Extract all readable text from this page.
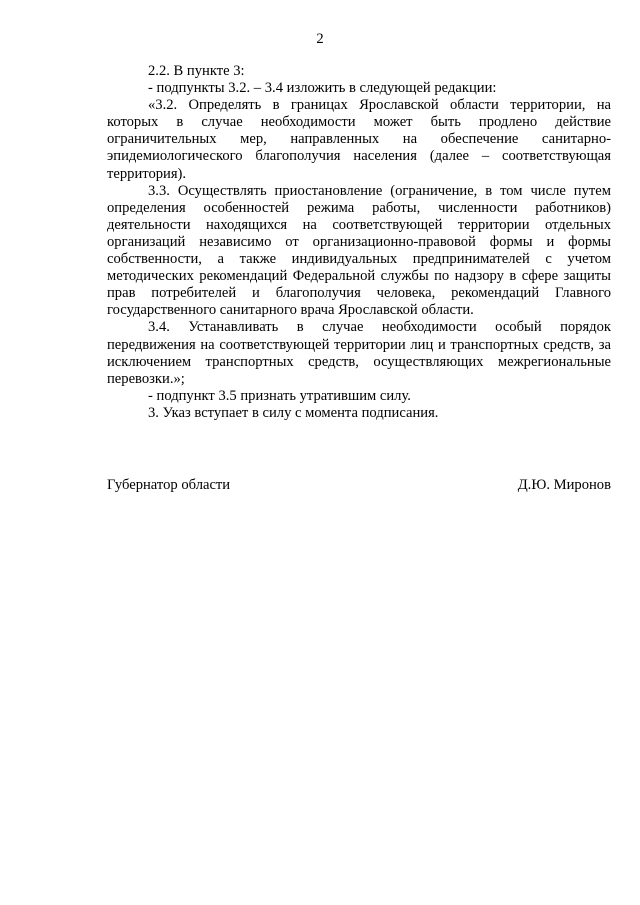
2

2.2. В пункте 3:

- подпункты 3.2. – 3.4 изложить в следующей редакции:

«3.2. Определять в границах Ярославской области территории, на которых в случае необходимости может быть продлено действие ограничительных мер, направленных на обеспечение санитарно-эпидемиологического благополучия населения (далее – соответствующая территория).

3.3. Осуществлять приостановление (ограничение, в том числе путем определения особенностей режима работы, численности работников) деятельности находящихся на соответствующей территории отдельных организаций независимо от организационно-правовой формы и формы собственности, а также индивидуальных предпринимателей с учетом методических рекомендаций Федеральной службы по надзору в сфере защиты прав потребителей и благополучия человека, рекомендаций Главного государственного санитарного врача Ярославской области.

3.4. Устанавливать в случае необходимости особый порядок передвижения на соответствующей территории лиц и транспортных средств, за исключением транспортных средств, осуществляющих межрегиональные перевозки.»;

- подпункт 3.5 признать утратившим силу.

3. Указ вступает в силу с момента подписания.

Губернатор области	Д.Ю. Миронов
